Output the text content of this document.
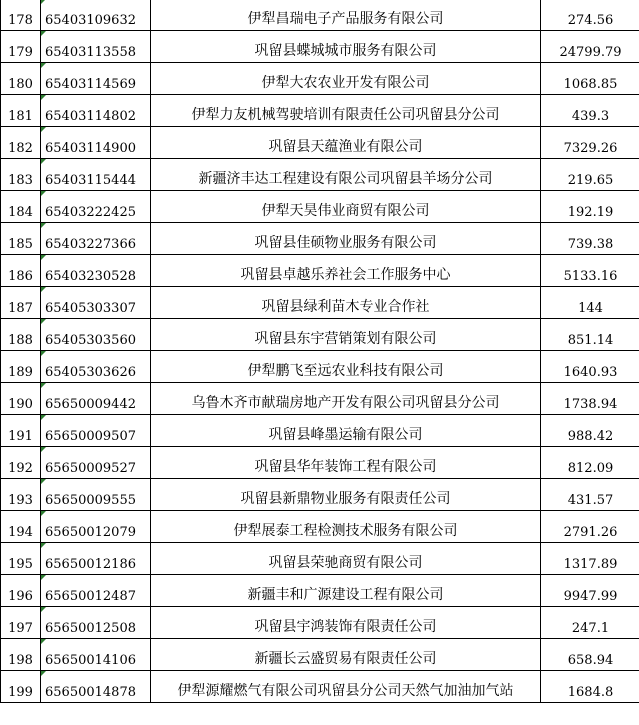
178	65403109632	伊犁昌瑞电子产品服务有限公司	274.56
179	65403113558	巩留县蝶城城市服务有限公司	24799.79
180	65403114569	伊犁大农农业开发有限公司	1068.85
181	65403114802	伊犁力友机械驾驶培训有限责任公司巩留县分公司	439.3
182	65403114900	巩留县天蕴渔业有限公司	7329.26
183	65403115444	新疆济丰达工程建设有限公司巩留县羊场分公司	219.65
184	65403222425	伊犁天昊伟业商贸有限公司	192.19
185	65403227366	巩留县佳硕物业服务有限公司	739.38
186	65403230528	巩留县卓越乐养社会工作服务中心	5133.16
187	65405303307	巩留县绿利苗木专业合作社	144
188	65405303560	巩留县东宇营销策划有限公司	851.14
189	65405303626	伊犁鹏飞至远农业科技有限公司	1640.93
190	65650009442	乌鲁木齐市献瑞房地产开发有限公司巩留县分公司	1738.94
191	65650009507	巩留县峰墨运输有限公司	988.42
192	65650009527	巩留县华年装饰工程有限公司	812.09
193	65650009555	巩留县新鼎物业服务有限责任公司	431.57
194	65650012079	伊犁展泰工程检测技术服务有限公司	2791.26
195	65650012186	巩留县荣驰商贸有限公司	1317.89
196	65650012487	新疆丰和广源建设工程有限公司	9947.99
197	65650012508	巩留县宇鸿装饰有限责任公司	247.1
198	65650014106	新疆长云盛贸易有限责任公司	658.94
199	65650014878	伊犁源耀燃气有限公司巩留县分公司天然气加油加气站	1684.8
